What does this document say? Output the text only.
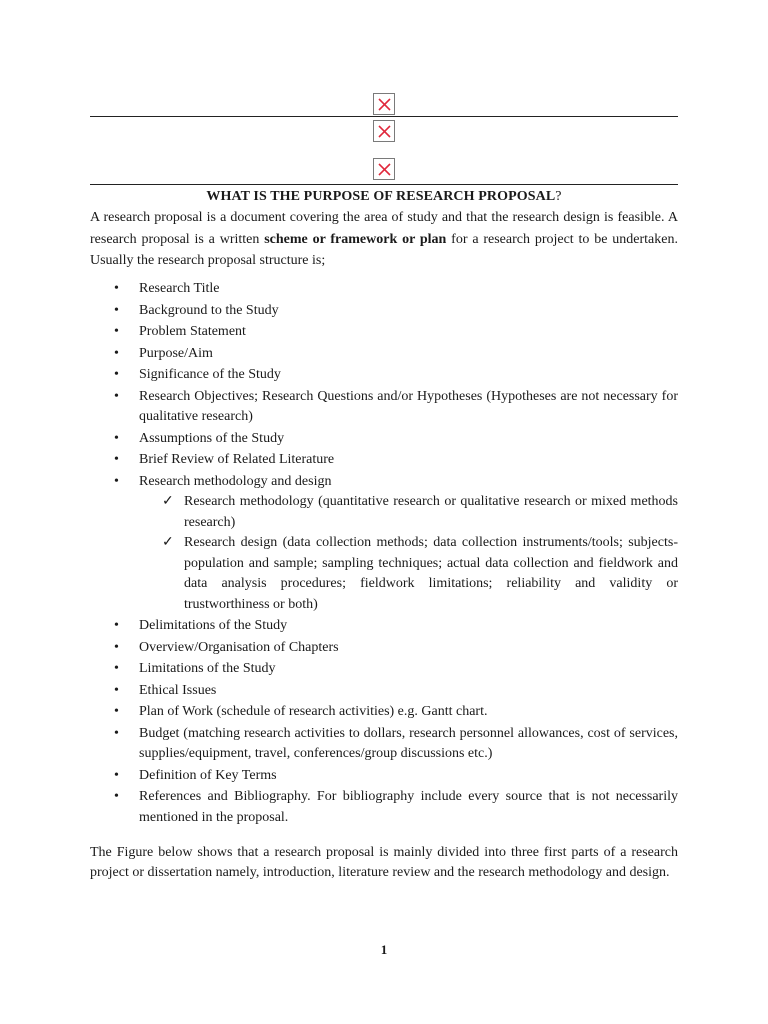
WHAT IS THE PURPOSE OF RESEARCH PROPOSAL?
A research proposal is a document covering the area of study and that the research design is feasible. A research proposal is a written scheme or framework or plan for a research project to be undertaken. Usually the research proposal structure is;
• Research Title
• Background to the Study
• Problem Statement
• Purpose/Aim
• Significance of the Study
• Research Objectives; Research Questions and/or Hypotheses (Hypotheses are not necessary for qualitative research)
• Assumptions of the Study
• Brief Review of Related Literature
• Research methodology and design
✓ Research methodology (quantitative research or qualitative research or mixed methods research)
✓ Research design (data collection methods; data collection instruments/tools; subjects-population and sample; sampling techniques; actual data collection and fieldwork and data analysis procedures; fieldwork limitations; reliability and validity or trustworthiness or both)
• Delimitations of the Study
• Overview/Organisation of Chapters
• Limitations of the Study
• Ethical Issues
• Plan of Work (schedule of research activities) e.g. Gantt chart.
• Budget (matching research activities to dollars, research personnel allowances, cost of services, supplies/equipment, travel, conferences/group discussions etc.)
• Definition of Key Terms
• References and Bibliography. For bibliography include every source that is not necessarily mentioned in the proposal.
The Figure below shows that a research proposal is mainly divided into three first parts of a research project or dissertation namely, introduction, literature review and the research methodology and design.
1
